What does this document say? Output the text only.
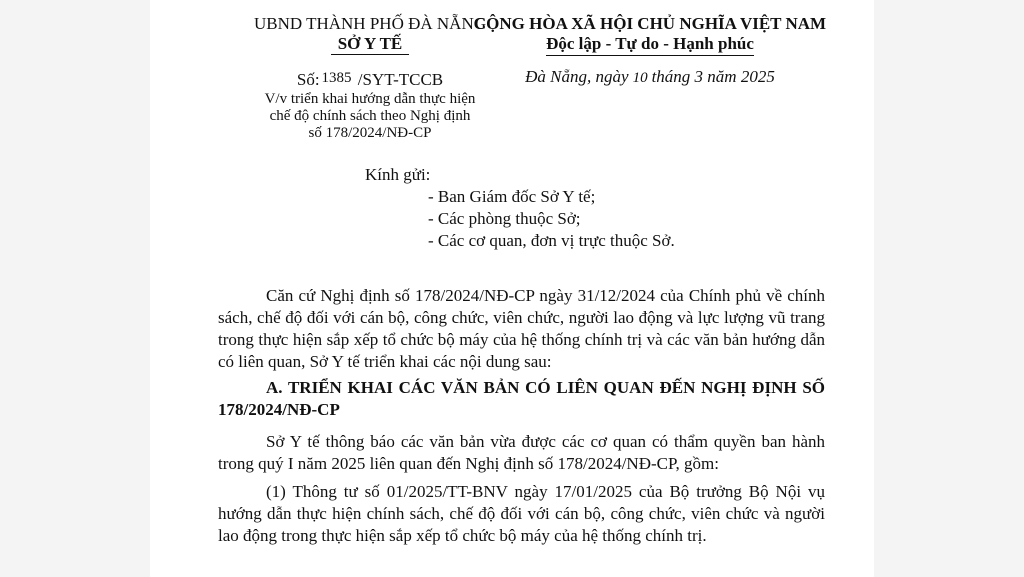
UBND THÀNH PHỐ ĐÀ NẴNG
SỞ Y TẾ
Số: 1385 /SYT-TCCB
V/v triển khai hướng dẫn thực hiện
chế độ chính sách theo Nghị định
số 178/2024/NĐ-CP
CỘNG HÒA XÃ HỘI CHỦ NGHĨA VIỆT NAM
Độc lập - Tự do - Hạnh phúc
Đà Nẵng, ngày 10 tháng 3 năm 2025
Kính gửi:
- Ban Giám đốc Sở Y tế;
- Các phòng thuộc Sở;
- Các cơ quan, đơn vị trực thuộc Sở.

Căn cứ Nghị định số 178/2024/NĐ-CP ngày 31/12/2024 của Chính phủ về chính sách, chế độ đối với cán bộ, công chức, viên chức, người lao động và lực lượng vũ trang trong thực hiện sắp xếp tổ chức bộ máy của hệ thống chính trị và các văn bản hướng dẫn có liên quan, Sở Y tế triển khai các nội dung sau:

A. TRIỂN KHAI CÁC VĂN BẢN CÓ LIÊN QUAN ĐẾN NGHỊ ĐỊNH SỐ 178/2024/NĐ-CP

Sở Y tế thông báo các văn bản vừa được các cơ quan có thẩm quyền ban hành trong quý I năm 2025 liên quan đến Nghị định số 178/2024/NĐ-CP, gồm:

(1) Thông tư số 01/2025/TT-BNV ngày 17/01/2025 của Bộ trưởng Bộ Nội vụ hướng dẫn thực hiện chính sách, chế độ đối với cán bộ, công chức, viên chức và người lao động trong thực hiện sắp xếp tổ chức bộ máy của hệ thống chính trị.
